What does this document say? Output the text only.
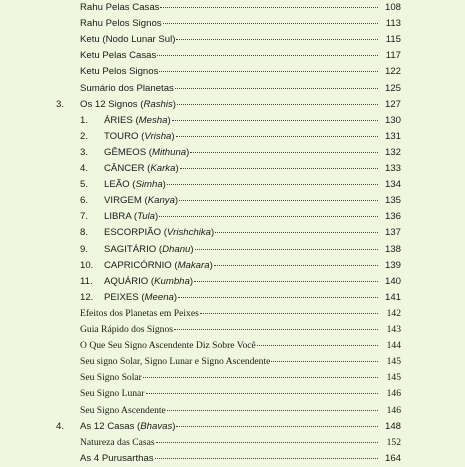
Rahu Pelas Casas	108
Rahu Pelos Signos	113
Ketu (Nodo Lunar Sul)	115
Ketu Pelas Casas	117
Ketu Pelos Signos	122
Sumário dos Planetas	125
3. Os 12 Signos (Rashis)	127
1. ÁRIES (Mesha)	130
2. TOURO (Vrisha)	131
3. GÊMEOS (Mithuna)	132
4. CÂNCER (Karka)	133
5. LEÃO (Simha)	134
6. VIRGEM (Kanya)	135
7. LIBRA (Tula)	136
8. ESCORPIÃO (Vrishchika)	137
9. SAGITÁRIO (Dhanu)	138
10. CAPRICÓRNIO (Makara)	139
11. AQUÁRIO (Kumbha)	140
12. PEIXES (Meena)	141
Efeitos dos Planetas em Peixes	142
Guia Rápido dos Signos	143
O Que Seu Signo Ascendente Diz Sobre Você	144
Seu signo Solar, Signo Lunar e Signo Ascendente	145
Seu Signo Solar	145
Seu Signo Lunar	146
Seu Signo Ascendente	146
4. As 12 Casas (Bhavas)	148
Natureza das Casas	152
As 4 Purusarthas	164
